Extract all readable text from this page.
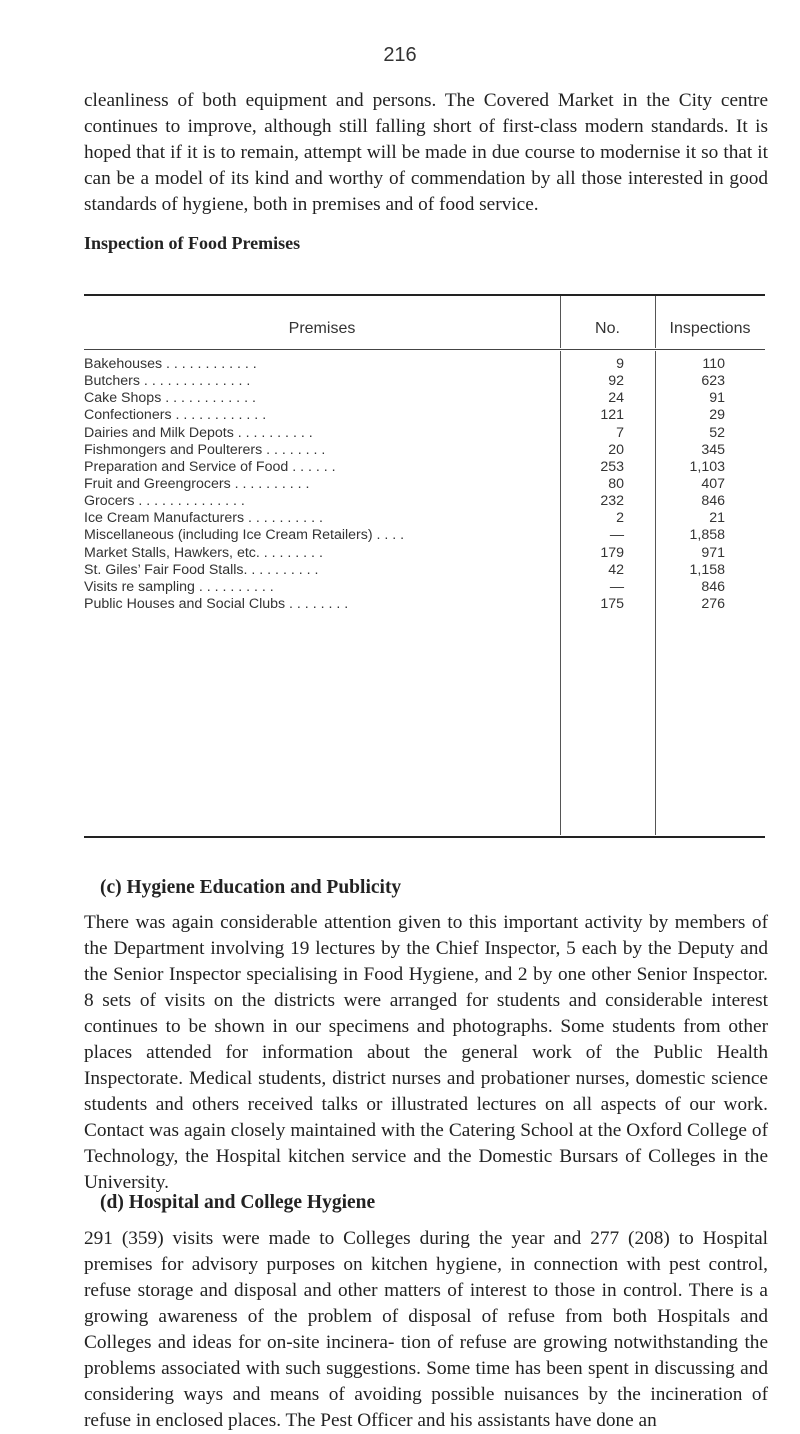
216

cleanliness of both equipment and persons. The Covered Market in the City centre continues to improve, although still falling short of first-class modern standards. It is hoped that if it is to remain, attempt will be made in due course to modernise it so that it can be a model of its kind and worthy of commendation by all those interested in good standards of hygiene, both in premises and of food service.

Inspection of Food Premises
Premises	No.	Inspections
Bakehouses . . . . . . . . . . . .	9	110
Butchers . . . . . . . . . . . . . .	92	623
Cake Shops . . . . . . . . . . . .	24	91
Confectioners . . . . . . . . . . . .	121	29
Dairies and Milk Depots . . . . . . . . . .	7	52
Fishmongers and Poulterers . . . . . . . .	20	345
Preparation and Service of Food . . . . . .	253	1,103
Fruit and Greengrocers . . . . . . . . . .	80	407
Grocers . . . . . . . . . . . . . .	232	846
Ice Cream Manufacturers . . . . . . . . . .	2	21
Miscellaneous (including Ice Cream Retailers) . . . .	—	1,858
Market Stalls, Hawkers, etc. . . . . . . . .	179	971
St. Giles’ Fair Food Stalls. . . . . . . . . .	42	1,158
Visits re sampling . . . . . . . . . .	—	846
Public Houses and Social Clubs . . . . . . . .	175	276
(c) Hygiene Education and Publicity

There was again considerable attention given to this important activity by members of the Department involving 19 lectures by the Chief Inspector, 5 each by the Deputy and the Senior Inspector specialising in Food Hygiene, and 2 by one other Senior Inspector. 8 sets of visits on the districts were arranged for students and considerable interest continues to be shown in our specimens and photographs. Some students from other places attended for information about the general work of the Public Health Inspectorate. Medical students, district nurses and probationer nurses, domestic science students and others received talks or illustrated lectures on all aspects of our work. Contact was again closely maintained with the Catering School at the Oxford College of Technology, the Hospital kitchen service and the Domestic Bursars of Colleges in the University.

(d) Hospital and College Hygiene

291 (359) visits were made to Colleges during the year and 277 (208) to Hospital premises for advisory purposes on kitchen hygiene, in connection with pest control, refuse storage and disposal and other matters of interest to those in control. There is a growing awareness of the problem of disposal of refuse from both Hospitals and Colleges and ideas for on-site incinera- tion of refuse are growing notwithstanding the problems associated with such suggestions. Some time has been spent in discussing and considering ways and means of avoiding possible nuisances by the incineration of refuse in enclosed places. The Pest Officer and his assistants have done an
